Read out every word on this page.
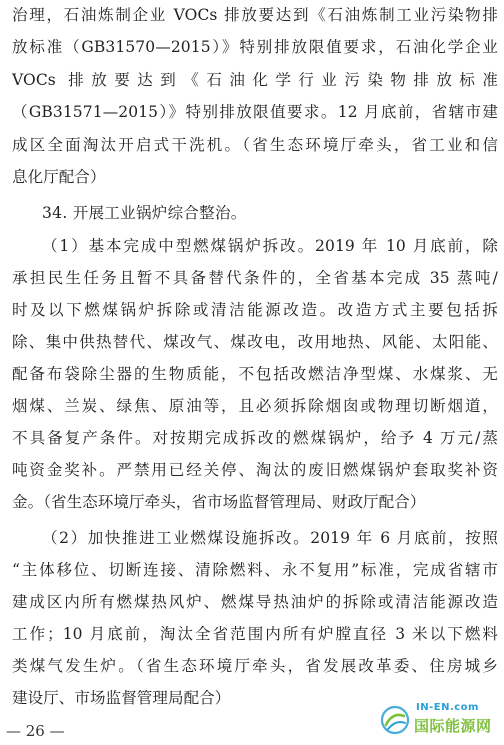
治理，石油炼制企业 VOCs 排放要达到《石油炼制工业污染物排
放标准（GB31570—2015）》特别排放限值要求，石油化学企业
VOCs 排放要达到《石油化学行业污染物排放标准
（GB31571—2015）》特别排放限值要求。12 月底前，省辖市建
成区全面淘汰开启式干洗机。（省生态环境厅牵头，省工业和信
息化厅配合）
34. 开展工业锅炉综合整治。
（1）基本完成中型燃煤锅炉拆改。2019 年 10 月底前，除
承担民生任务且暂不具备替代条件的，全省基本完成 35 蒸吨/
时及以下燃煤锅炉拆除或清洁能源改造。改造方式主要包括拆
除、集中供热替代、煤改气、煤改电，改用地热、风能、太阳能、
配备布袋除尘器的生物质能，不包括改燃洁净型煤、水煤浆、无
烟煤、兰炭、绿焦、原油等，且必须拆除烟囱或物理切断烟道，
不具备复产条件。对按期完成拆改的燃煤锅炉，给予 4 万元/蒸
吨资金奖补。严禁用已经关停、淘汰的废旧燃煤锅炉套取奖补资
金。（省生态环境厅牵头，省市场监督管理局、财政厅配合）
（2）加快推进工业燃煤设施拆改。2019 年 6 月底前，按照
“主体移位、切断连接、清除燃料、永不复用”标准，完成省辖市
建成区内所有燃煤热风炉、燃煤导热油炉的拆除或清洁能源改造
工作；10 月底前，淘汰全省范围内所有炉膛直径 3 米以下燃料
类煤气发生炉。（省生态环境厅牵头，省发展改革委、住房城乡
建设厅、市场监督管理局配合）
— 26 —
IN-EN.com
国际能源网
